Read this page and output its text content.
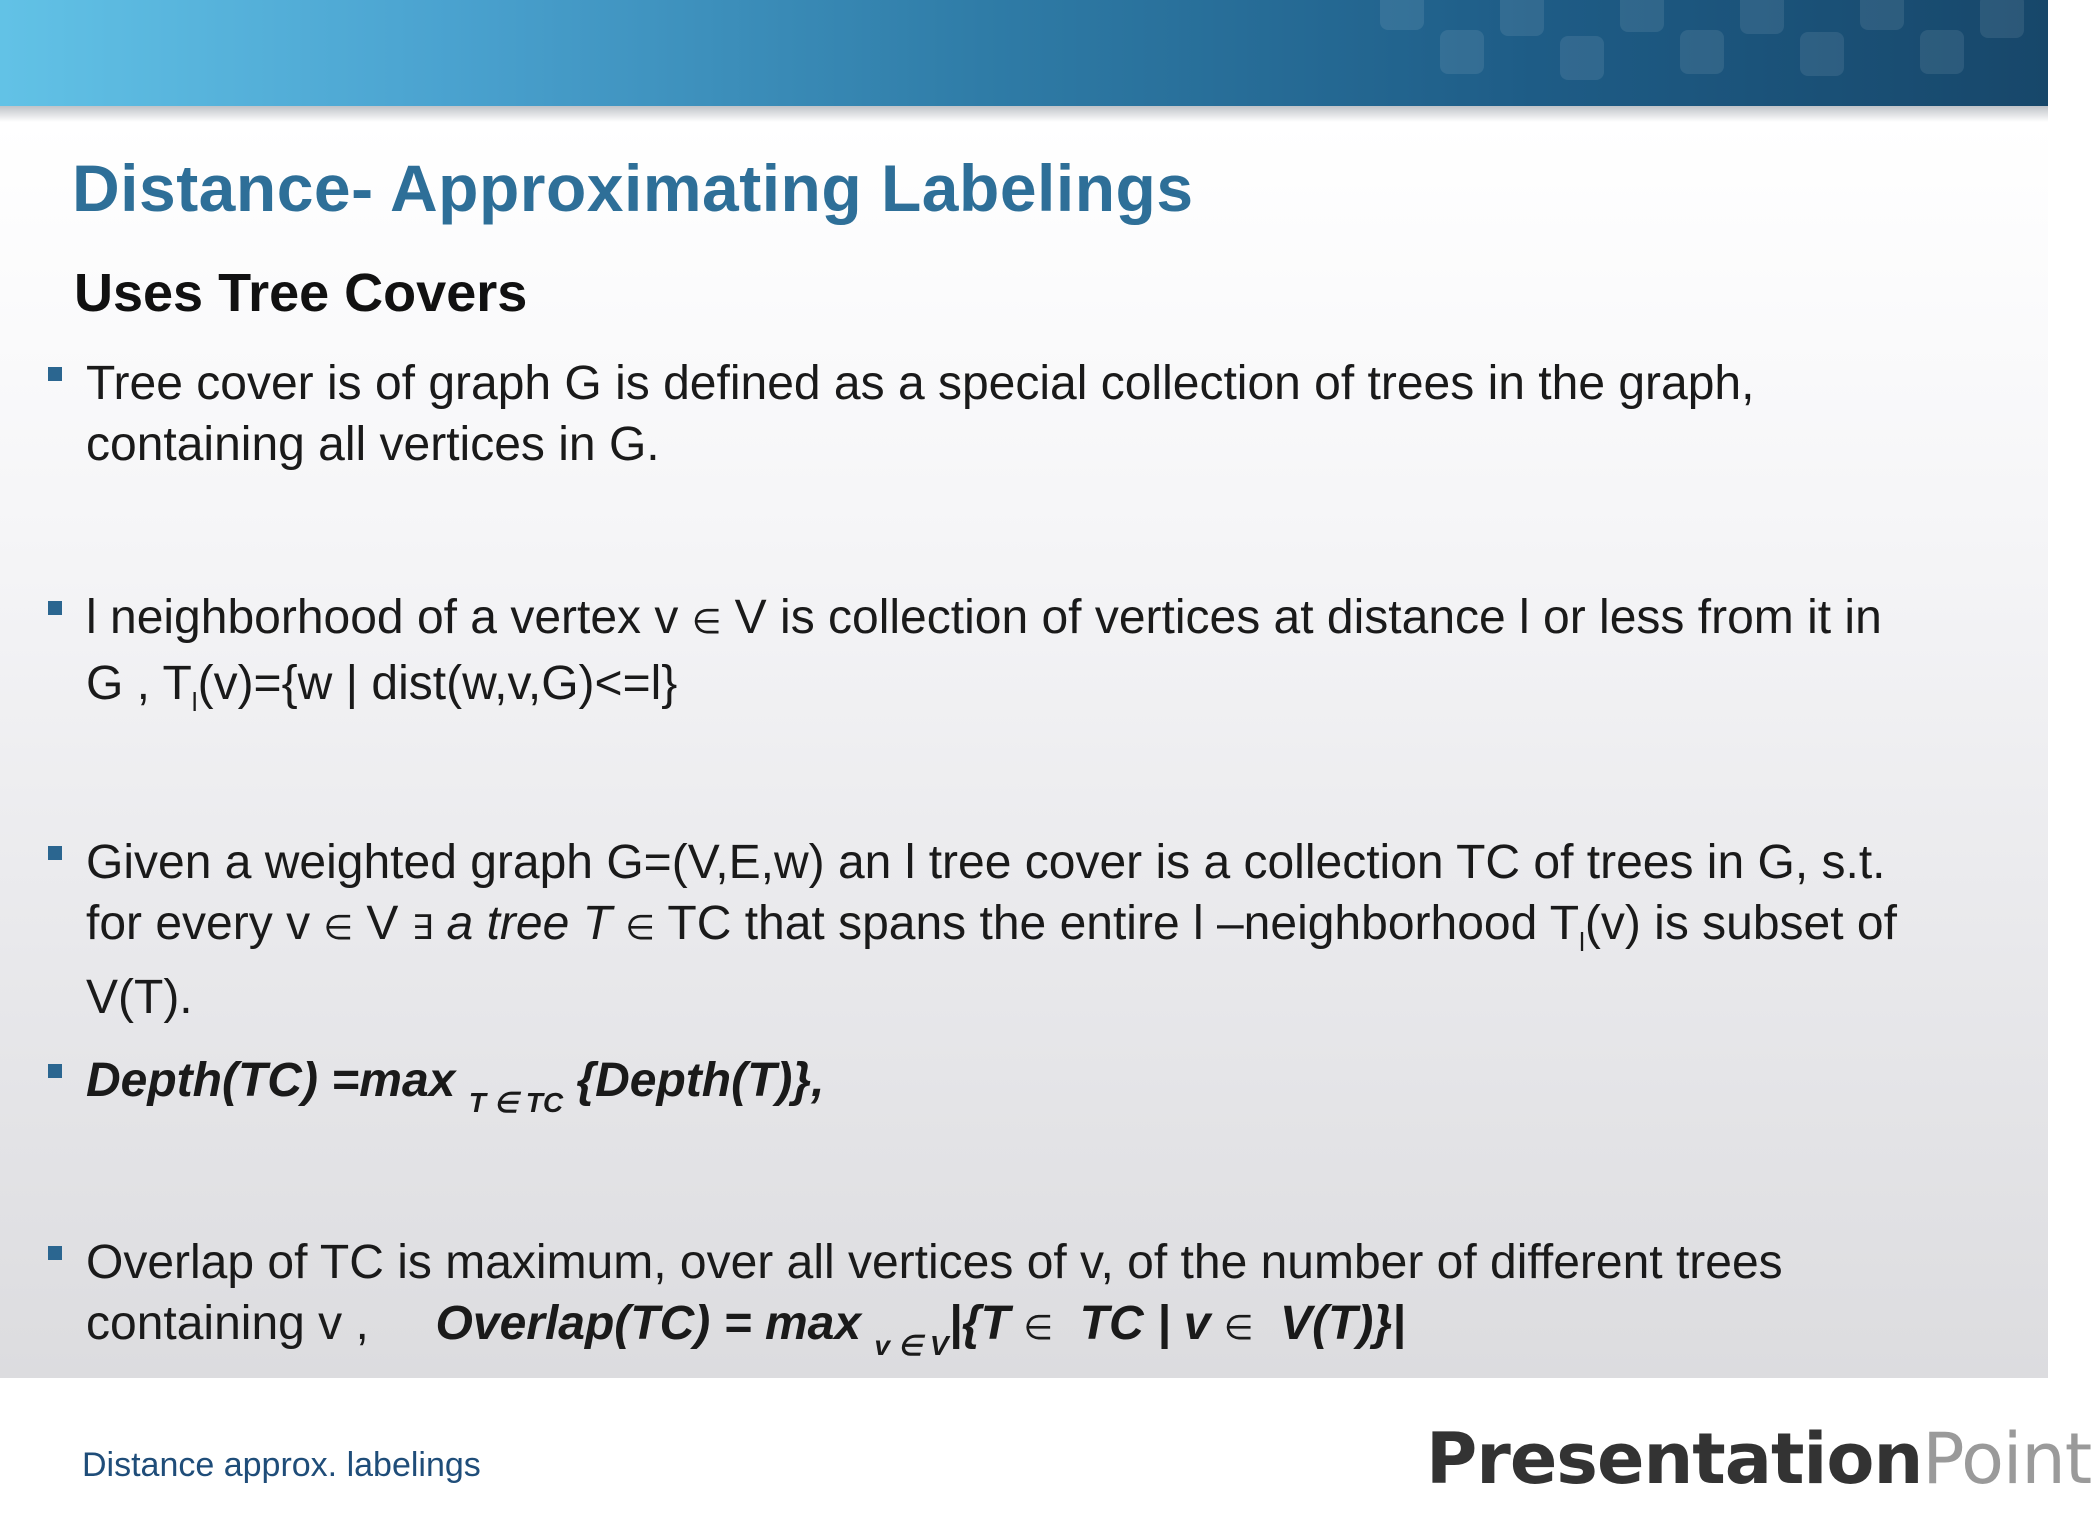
Distance- Approximating Labelings
Uses Tree Covers
Tree cover is of graph G is defined as a special collection of trees in the graph,
containing all vertices in G.
l neighborhood of a vertex v ∈ V is collection of vertices at distance l or less from it in
G , $T_l(v)=\{w$ | dist(w,v,G)<=l}
Given a weighted graph G=(V,E,w) an l tree cover is a collection TC of trees in G, s.t.
for every v ∈ V ∃ a tree T ∈ TC that spans the entire l –neighborhood $T_l(v)$ is subset of
V(T).
Depth(TC) =max $_{T \in TC}$ {Depth(T)},
Overlap of TC is maximum, over all vertices of v, of the number of different trees
containing v ,     Overlap(TC) = max $_{v \in V}$|{T ∈  TC | v ∈  V(T)}|
Distance approx. labelings	PresentationPoint
